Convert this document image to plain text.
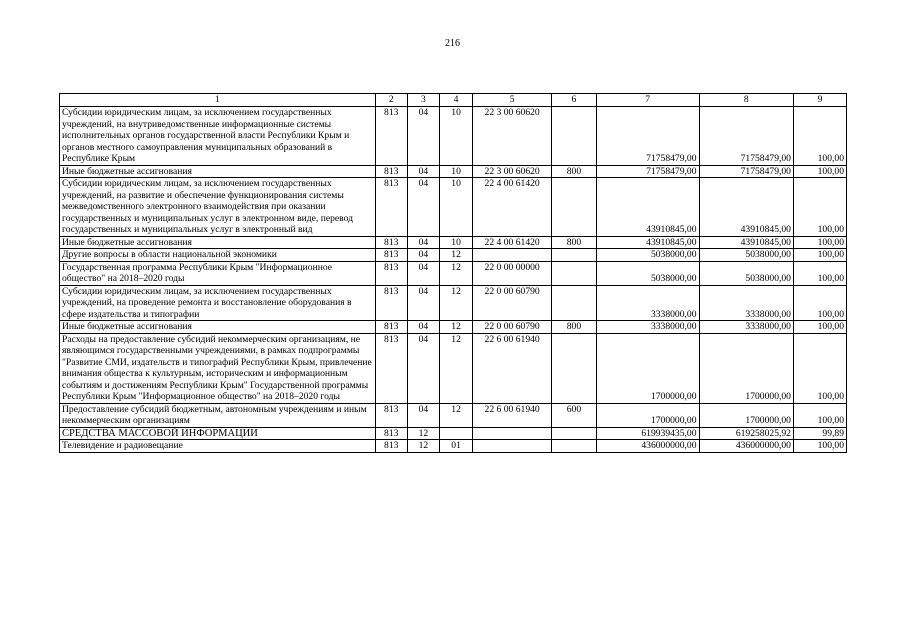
216
1	2	3	4	5	6	7	8	9
Субсидии юридическим лицам, за исключением государственных учреждений, на внутриведомственные информационные системы исполнительных органов государственной власти Республики Крым и органов местного самоуправления муниципальных образований в Республике Крым	813	04	10	22 3 00 60620		71758479,00	71758479,00	100,00
Иные бюджетные ассигнования	813	04	10	22 3 00 60620	800	71758479,00	71758479,00	100,00
Субсидии юридическим лицам, за исключением государственных учреждений, на развитие и обеспечение функционирования системы межведомственного электронного взаимодействия при оказании государственных и муниципальных услуг в электронном виде, перевод государственных и муниципальных услуг в электронный вид	813	04	10	22 4 00 61420		43910845,00	43910845,00	100,00
Иные бюджетные ассигнования	813	04	10	22 4 00 61420	800	43910845,00	43910845,00	100,00
Другие вопросы в области национальной экономики	813	04	12			5038000,00	5038000,00	100,00
Государственная программа Республики Крым "Информационное общество" на 2018–2020 годы	813	04	12	22 0 00 00000		5038000,00	5038000,00	100,00
Субсидии юридическим лицам, за исключением государственных учреждений, на проведение ремонта и восстановление оборудования в сфере издательства и типографии	813	04	12	22 0 00 60790		3338000,00	3338000,00	100,00
Иные бюджетные ассигнования	813	04	12	22 0 00 60790	800	3338000,00	3338000,00	100,00
Расходы на предоставление субсидий некоммерческим организациям, не являющимся государственными учреждениями, в рамках подпрограммы "Развитие СМИ, издательств и типографий Республики Крым, привлечение внимания общества к культурным, историческим и информационным событиям и достижениям Республики Крым" Государственной программы Республики Крым "Информационное общество" на 2018–2020 годы	813	04	12	22 6 00 61940		1700000,00	1700000,00	100,00
Предоставление субсидий бюджетным, автономным учреждениям и иным некоммерческим организациям	813	04	12	22 6 00 61940	600	1700000,00	1700000,00	100,00
СРЕДСТВА МАССОВОЙ ИНФОРМАЦИИ	813	12				619939435,00	619258025,92	99,89
Телевидение и радиовещание	813	12	01			436000000,00	436000000,00	100,00
